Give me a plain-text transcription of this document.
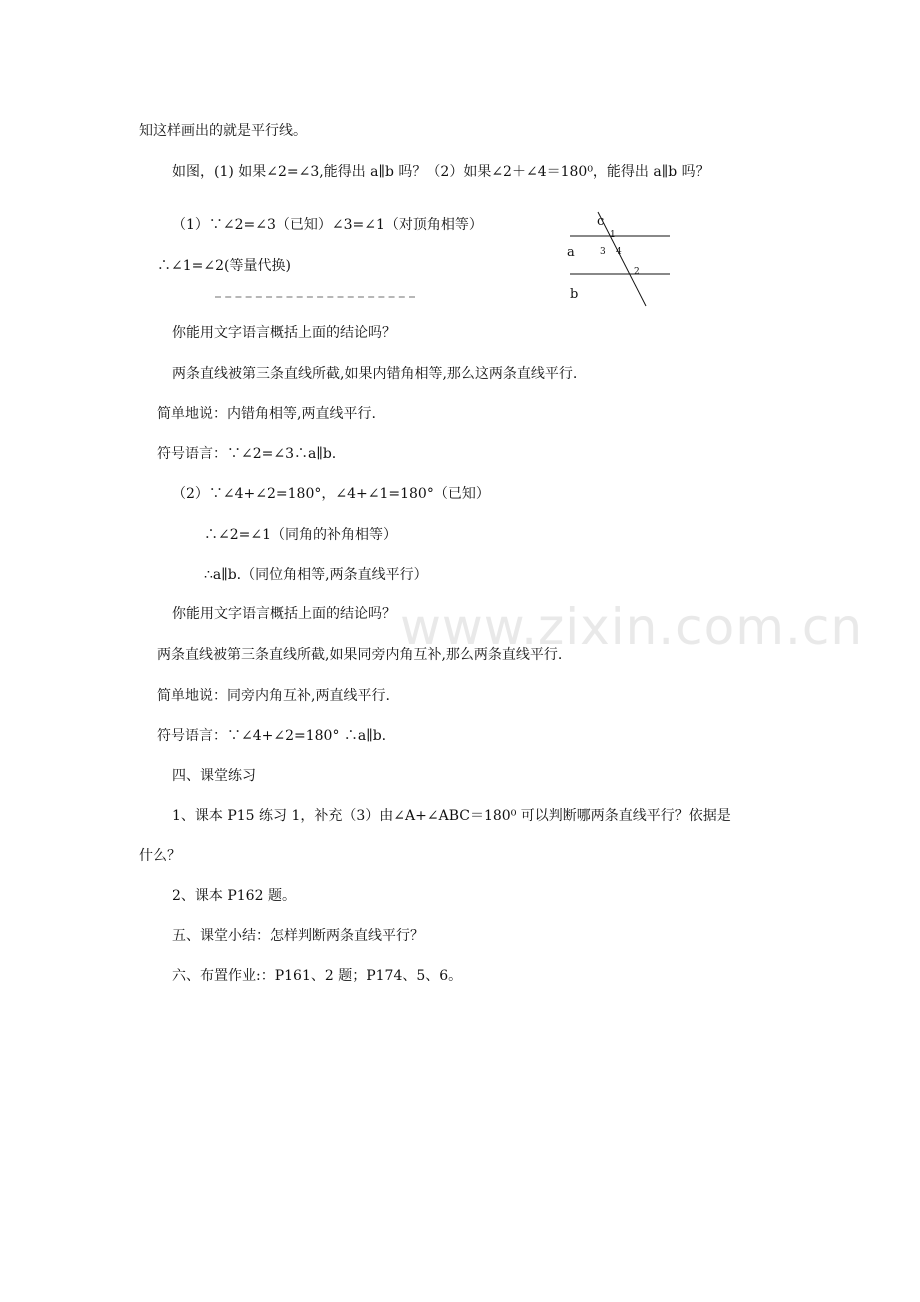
www.zixin.com.cn
知这样画出的就是平行线。
如图，(1) 如果∠2=∠3,能得出 a∥b 吗？（2）如果∠2＋∠4＝180⁰，能得出 a∥b 吗？
（1）∵∠2=∠3（已知）∠3=∠1（对顶角相等）
∴∠1=∠2(等量代换)
你能用文字语言概括上面的结论吗？
两条直线被第三条直线所截,如果内错角相等,那么这两条直线平行.
简单地说：内错角相等,两直线平行.
符号语言：∵∠2=∠3∴a∥b.
（2）∵∠4+∠2=180°，∠4+∠1=180°（已知）
∴∠2=∠1（同角的补角相等）
∴a∥b.（同位角相等,两条直线平行）
你能用文字语言概括上面的结论吗？
两条直线被第三条直线所截,如果同旁内角互补,那么两条直线平行.
简单地说：同旁内角互补,两直线平行.
符号语言：∵∠4+∠2=180° ∴a∥b.
四、课堂练习
1、课本 P15 练习 1，补充（3）由∠A+∠ABC＝180⁰ 可以判断哪两条直线平行？依据是
什么？
2、课本 P162 题。
五、课堂小结：怎样判断两条直线平行？
六、布置作业:：P161、2 题；P174、5、6。
c
a
b
1
3 4
2
